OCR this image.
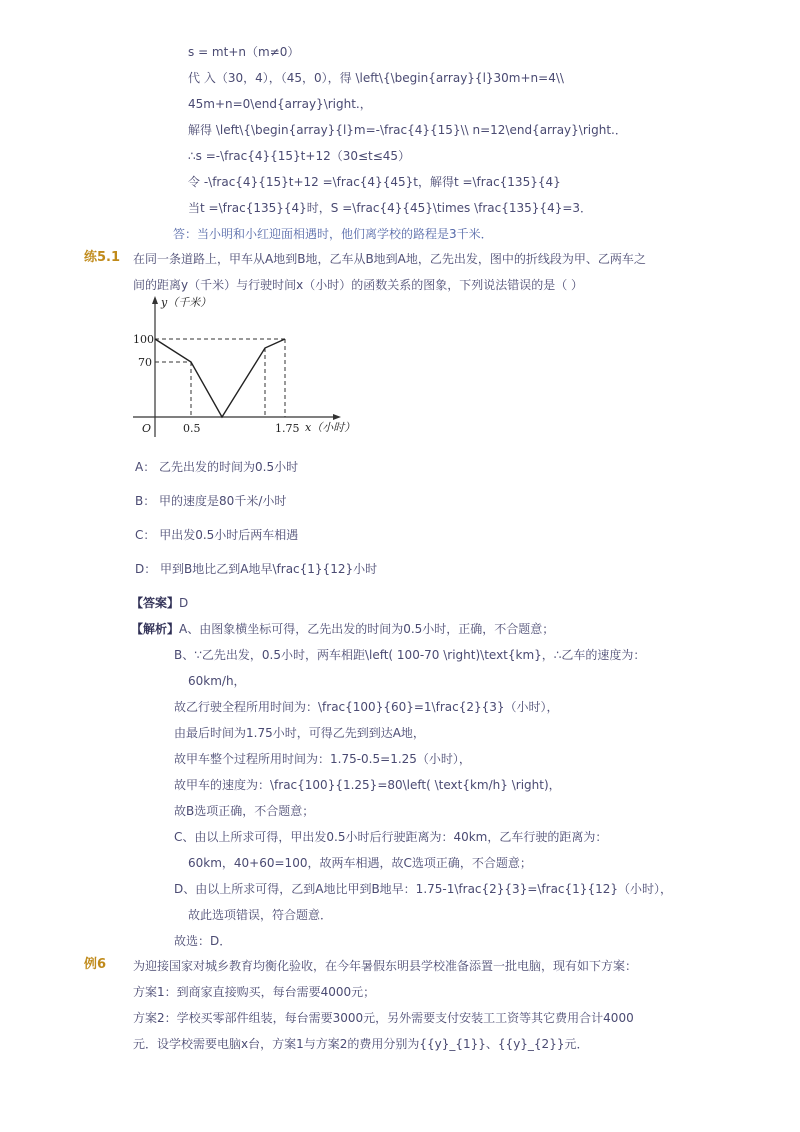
s = mt+n（m≠0）
代 入（30，4），（45，0），得 \left\{\begin{array}{l}30m+n=4\\
45m+n=0\end{array}\right.，
解得 \left\{\begin{array}{l}m=-\frac{4}{15}\\ n=12\end{array}\right.．
∴s =-\frac{4}{15}t+12（30≤t≤45）
令 -\frac{4}{15}t+12 =\frac{4}{45}t，解得t =\frac{135}{4}
当t =\frac{135}{4}时，S =\frac{4}{45}\times \frac{135}{4}=3．
答：当小明和小红迎面相遇时，他们离学校的路程是3千米．
练5.1 在同一条道路上，甲车从A地到B地，乙车从B地到A地，乙先出发，图中的折线段为甲、乙两车之
间的距离y（千米）与行驶时间x（小时）的函数关系的图象，下列说法错误的是（ ）
y（千米）
100
70
O	0.5	1.75 x（小时）
A： 乙先出发的时间为0.5小时
B： 甲的速度是80千米/小时
C： 甲出发0.5小时后两车相遇
D： 甲到B地比乙到A地早\frac{1}{12}小时
【答案】D
【解析】A、由图象横坐标可得，乙先出发的时间为0.5小时，正确，不合题意；
B、∵乙先出发，0.5小时，两车相距\left( 100-70 \right)\text{km}，∴乙车的速度为：
60km/h，
故乙行驶全程所用时间为：\frac{100}{60}=1\frac{2}{3}（小时），
由最后时间为1.75小时，可得乙先到到达A地，
故甲车整个过程所用时间为：1.75-0.5=1.25（小时），
故甲车的速度为：\frac{100}{1.25}=80\left( \text{km/h} \right)，
故B选项正确，不合题意；
C、由以上所求可得，甲出发0.5小时后行驶距离为：40km，乙车行驶的距离为：
60km，40+60=100，故两车相遇，故C选项正确，不合题意；
D、由以上所求可得，乙到A地比甲到B地早：1.75-1\frac{2}{3}=\frac{1}{12}（小时），
故此选项错误，符合题意．
故选：D．
例6 为迎接国家对城乡教育均衡化验收，在今年暑假东明县学校准备添置一批电脑，现有如下方案：
方案1：到商家直接购买，每台需要4000元；
方案2：学校买零部件组装，每台需要3000元，另外需要支付安装工工资等其它费用合计4000
元．设学校需要电脑x台，方案1与方案2的费用分别为{{y}_{1}}、{{y}_{2}}元．
